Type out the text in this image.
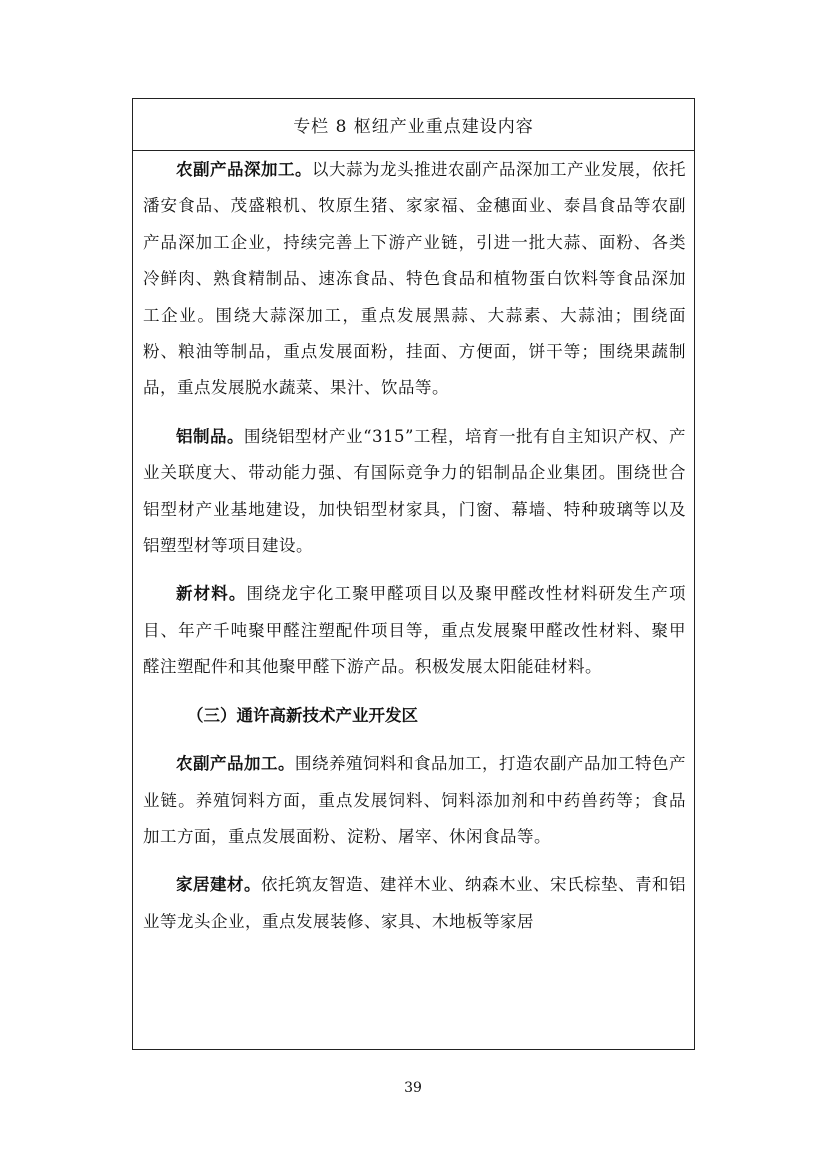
专栏 8 枢纽产业重点建设内容

农副产品深加工。以大蒜为龙头推进农副产品深加工产业发展，依托潘安食品、茂盛粮机、牧原生猪、家家福、金穗面业、泰昌食品等农副产品深加工企业，持续完善上下游产业链，引进一批大蒜、面粉、各类冷鲜肉、熟食精制品、速冻食品、特色食品和植物蛋白饮料等食品深加工企业。围绕大蒜深加工，重点发展黑蒜、大蒜素、大蒜油；围绕面粉、粮油等制品，重点发展面粉，挂面、方便面，饼干等；围绕果蔬制品，重点发展脱水蔬菜、果汁、饮品等。

铝制品。围绕铝型材产业“315”工程，培育一批有自主知识产权、产业关联度大、带动能力强、有国际竞争力的铝制品企业集团。围绕世合铝型材产业基地建设，加快铝型材家具，门窗、幕墙、特种玻璃等以及铝塑型材等项目建设。

新材料。围绕龙宇化工聚甲醛项目以及聚甲醛改性材料研发生产项目、年产千吨聚甲醛注塑配件项目等，重点发展聚甲醛改性材料、聚甲醛注塑配件和其他聚甲醛下游产品。积极发展太阳能硅材料。

（三）通许高新技术产业开发区

农副产品加工。围绕养殖饲料和食品加工，打造农副产品加工特色产业链。养殖饲料方面，重点发展饲料、饲料添加剂和中药兽药等；食品加工方面，重点发展面粉、淀粉、屠宰、休闲食品等。

家居建材。依托筑友智造、建祥木业、纳森木业、宋氏棕垫、青和铝业等龙头企业，重点发展装修、家具、木地板等家居

39
